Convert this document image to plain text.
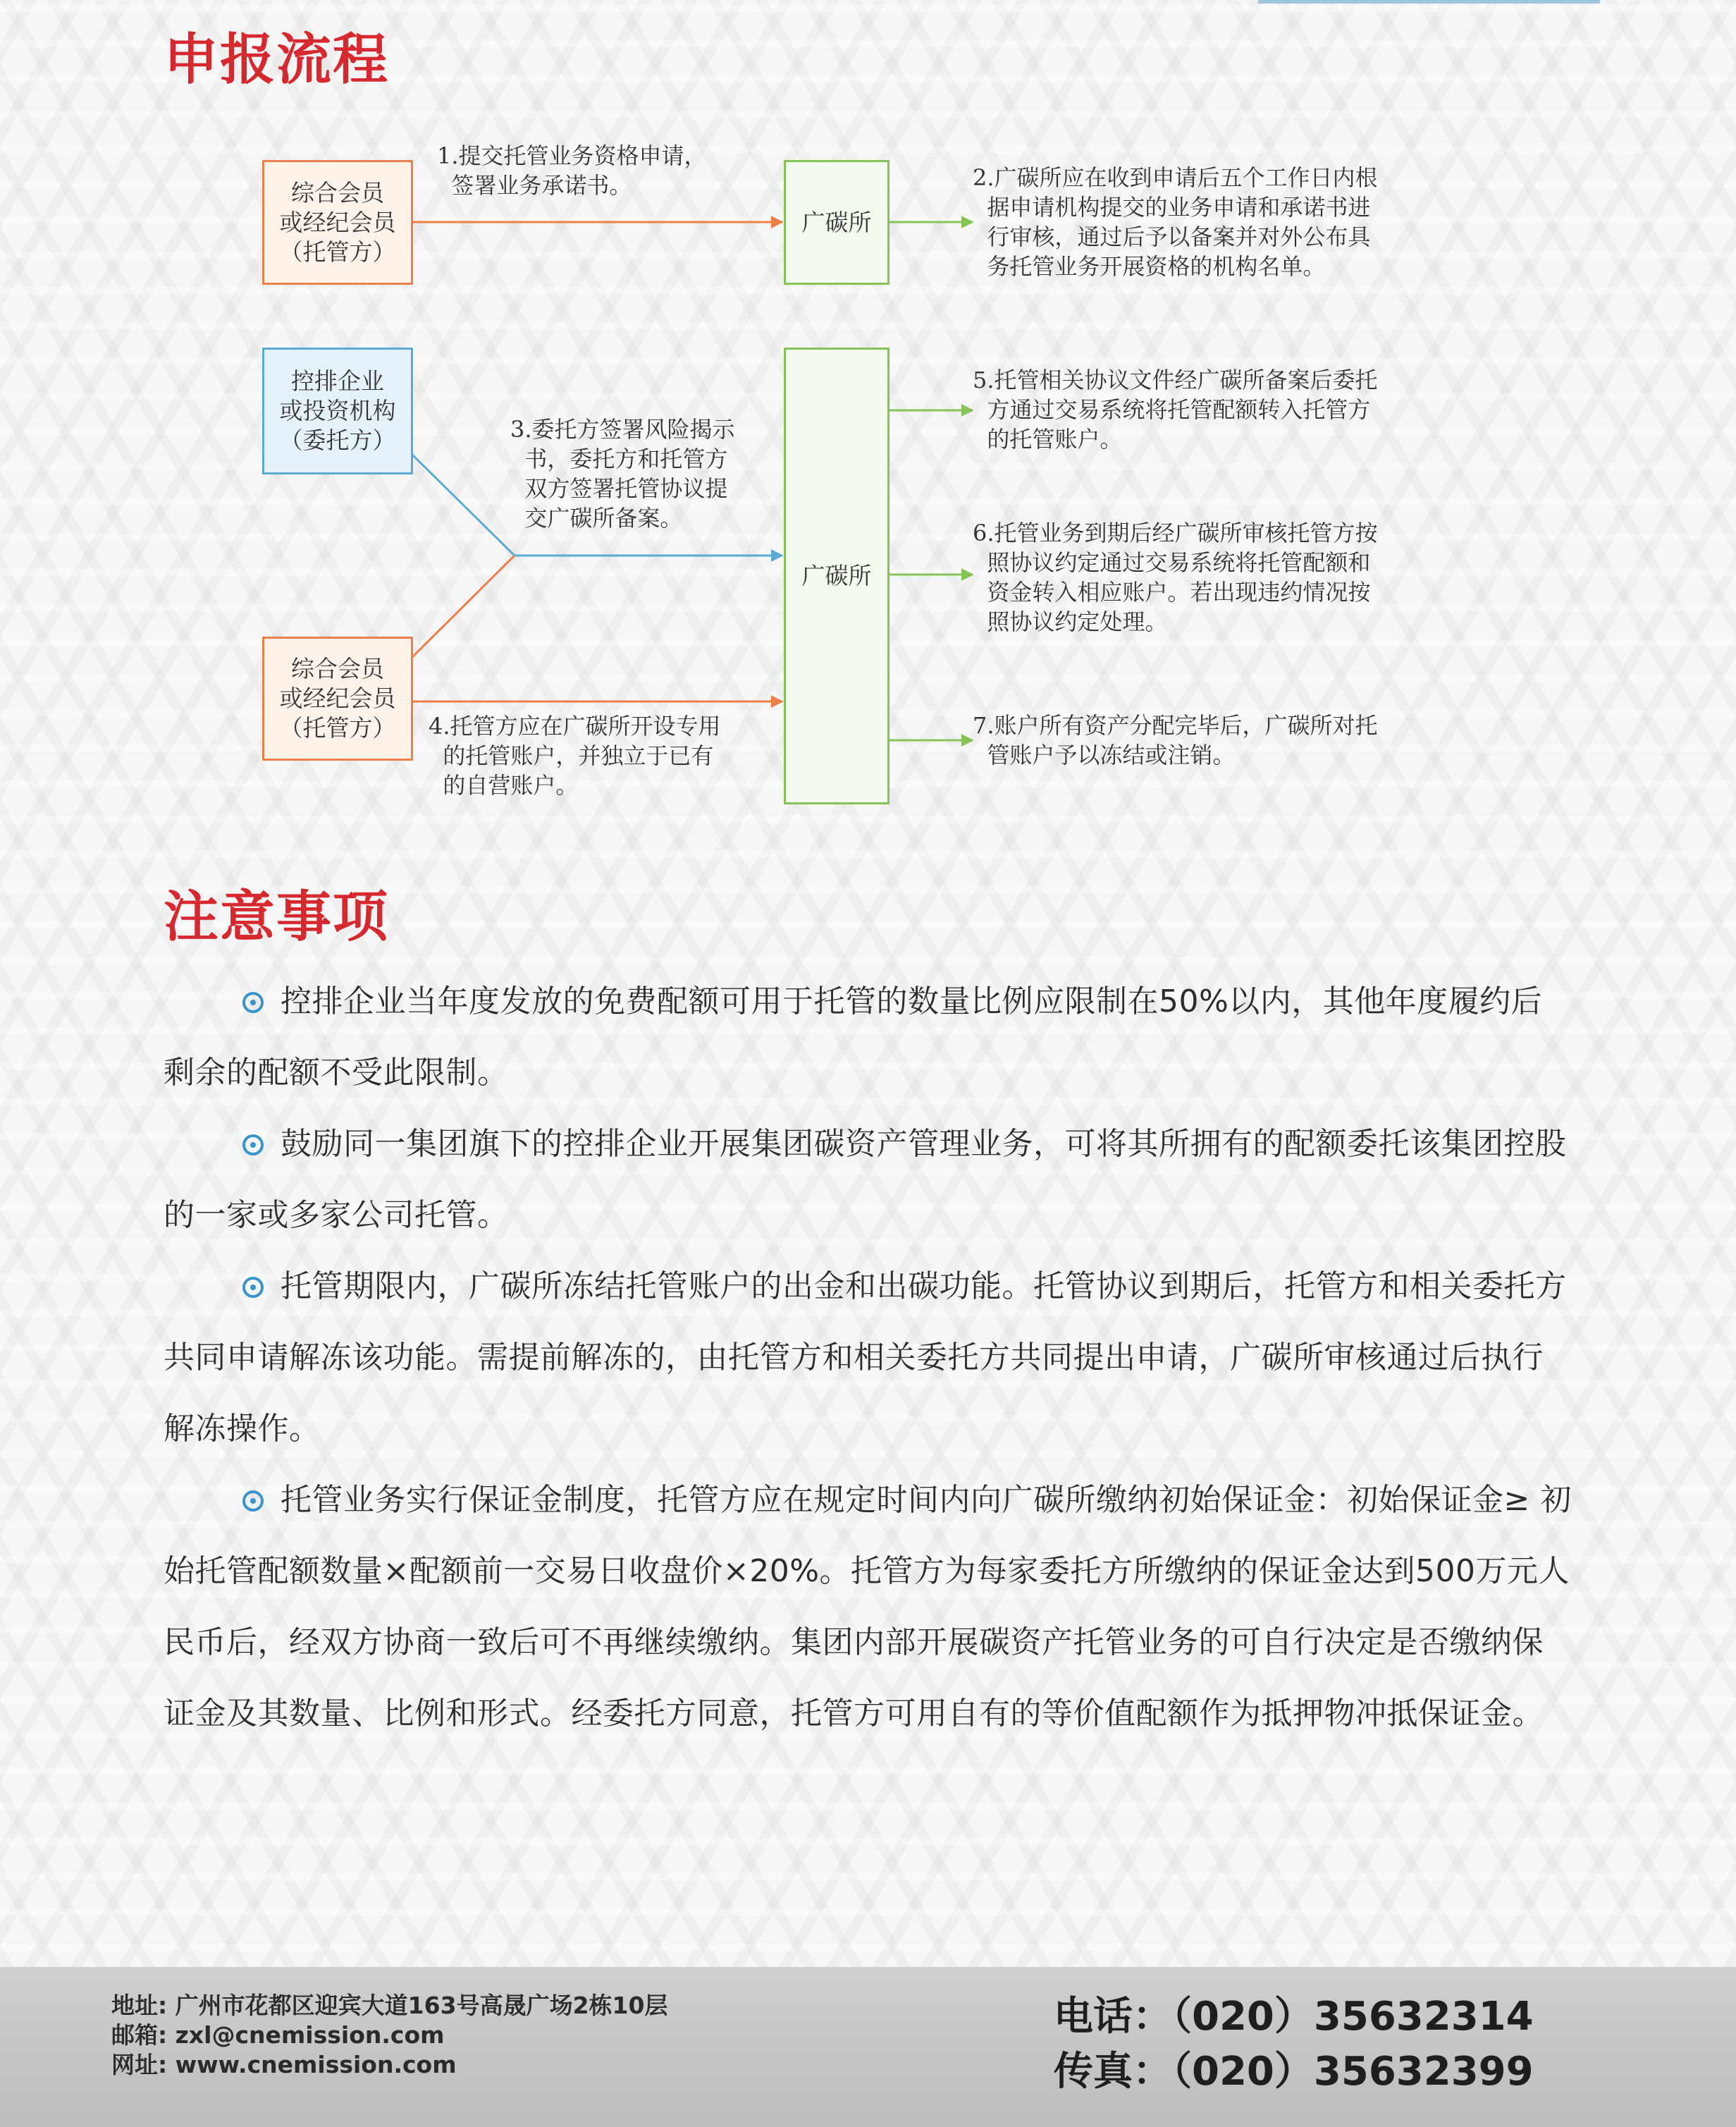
申报流程
综合会员
或经纪会员
（托管方）
广碳所
控排企业
或投资机构
（委托方）
综合会员
或经纪会员
（托管方）
广碳所

1.提交托管业务资格申请，
签署业务承诺书。	2.广碳所应在收到申请后五个工作日内根
据申请机构提交的业务申请和承诺书进
行审核，通过后予以备案并对外公布具
务托管业务开展资格的机构名单。

3.委托方签署风险揭示
书，委托方和托管方
双方签署托管协议提
交广碳所备案。

4.托管方应在广碳所开设专用
的托管账户，并独立于已有
的自营账户。

5.托管相关协议文件经广碳所备案后委托
方通过交易系统将托管配额转入托管方
的托管账户。

6.托管业务到期后经广碳所审核托管方按
照协议约定通过交易系统将托管配额和
资金转入相应账户。若出现违约情况按
照协议约定处理。

7.账户所有资产分配完毕后，广碳所对托
管账户予以冻结或注销。

注意事项

控排企业当年度发放的免费配额可用于托管的数量比例应限制在50%以内，其他年度履约后剩余的配额不受此限制。

鼓励同一集团旗下的控排企业开展集团碳资产管理业务，可将其所拥有的配额委托该集团控股的一家或多家公司托管。

托管期限内，广碳所冻结托管账户的出金和出碳功能。托管协议到期后，托管方和相关委托方共同申请解冻该功能。需提前解冻的，由托管方和相关委托方共同提出申请，广碳所审核通过后执行解冻操作。

托管业务实行保证金制度，托管方应在规定时间内向广碳所缴纳初始保证金：初始保证金≥ 初始托管配额数量×配额前一交易日收盘价×20%。托管方为每家委托方所缴纳的保证金达到500万元人民币后，经双方协商一致后可不再继续缴纳。集团内部开展碳资产托管业务的可自行决定是否缴纳保证金及其数量、比例和形式。经委托方同意，托管方可用自有的等价值配额作为抵押物冲抵保证金。

地址: 广州市花都区迎宾大道163号高晟广场2栋10层

邮箱: zxl@cnemission.com

网址: www.cnemission.com

电话：（020）35632314

传真：（020）35632399
